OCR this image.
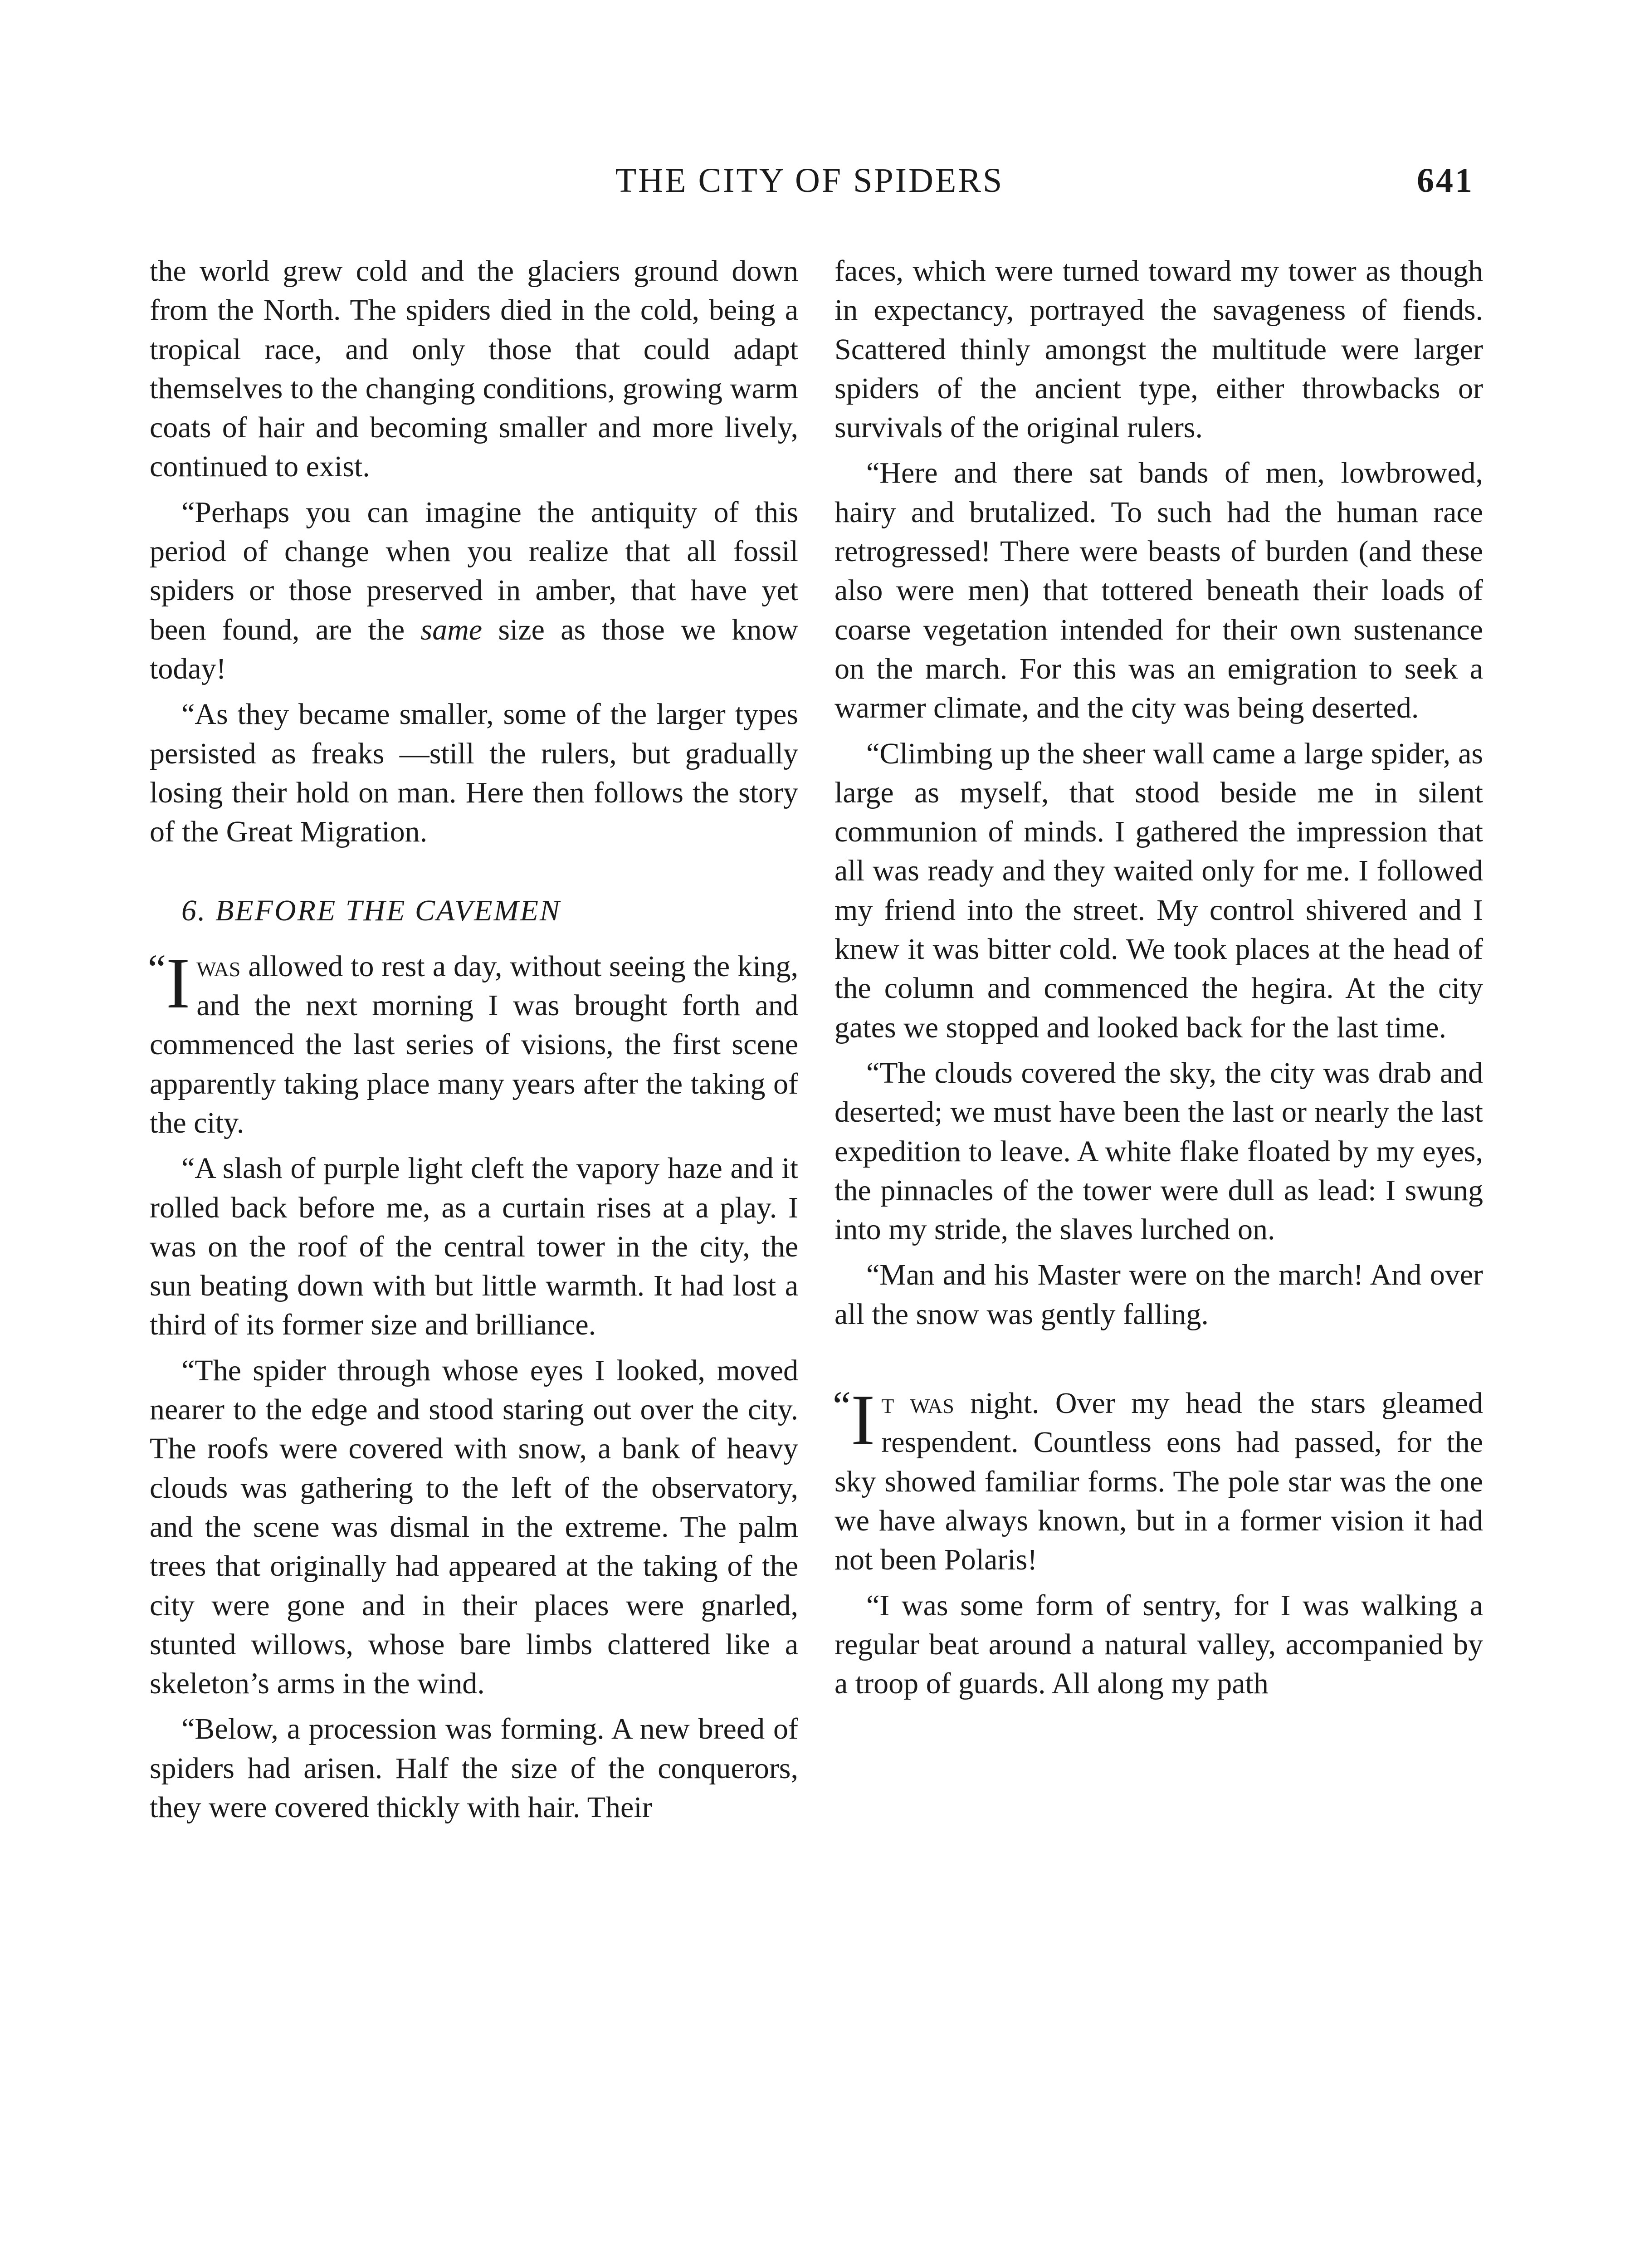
THE CITY OF SPIDERS	641

the world grew cold and the glaciers ground down from the North. The spiders died in the cold, being a tropical race, and only those that could adapt themselves to the changing conditions, growing warm coats of hair and becoming smaller and more lively, continued to exist.

“Perhaps you can imagine the antiquity of this period of change when you realize that all fossil spiders or those preserved in amber, that have yet been found, are the same size as those we know today!

“As they became smaller, some of the larger types persisted as freaks —still the rulers, but gradually losing their hold on man. Here then follows the story of the Great Migration.

6. BEFORE THE CAVEMEN

“I was allowed to rest a day, without seeing the king, and the next morning I was brought forth and commenced the last series of visions, the first scene apparently taking place many years after the taking of the city.

“A slash of purple light cleft the vapory haze and it rolled back before me, as a curtain rises at a play. I was on the roof of the central tower in the city, the sun beating down with but little warmth. It had lost a third of its former size and brilliance.

“The spider through whose eyes I looked, moved nearer to the edge and stood staring out over the city. The roofs were covered with snow, a bank of heavy clouds was gathering to the left of the observatory, and the scene was dismal in the extreme. The palm trees that originally had appeared at the taking of the city were gone and in their places were gnarled, stunted willows, whose bare limbs clattered like a skeleton’s arms in the wind.

“Below, a procession was forming. A new breed of spiders had arisen. Half the size of the conquerors, they were covered thickly with hair. Their

faces, which were turned toward my tower as though in expectancy, portrayed the savageness of fiends. Scattered thinly amongst the multitude were larger spiders of the ancient type, either throwbacks or survivals of the original rulers.

“Here and there sat bands of men, lowbrowed, hairy and brutalized. To such had the human race retrogressed! There were beasts of burden (and these also were men) that tottered beneath their loads of coarse vegetation intended for their own sustenance on the march. For this was an emigration to seek a warmer climate, and the city was being deserted.

“Climbing up the sheer wall came a large spider, as large as myself, that stood beside me in silent communion of minds. I gathered the impression that all was ready and they waited only for me. I followed my friend into the street. My control shivered and I knew it was bitter cold. We took places at the head of the column and commenced the hegira. At the city gates we stopped and looked back for the last time.

“The clouds covered the sky, the city was drab and deserted; we must have been the last or nearly the last expedition to leave. A white flake floated by my eyes, the pinnacles of the tower were dull as lead: I swung into my stride, the slaves lurched on.

“Man and his Master were on the march! And over all the snow was gently falling.

“I t was night. Over my head the stars gleamed respendent. Countless eons had passed, for the sky showed familiar forms. The pole star was the one we have always known, but in a former vision it had not been Polaris!

“I was some form of sentry, for I was walking a regular beat around a natural valley, accompanied by a troop of guards. All along my path
